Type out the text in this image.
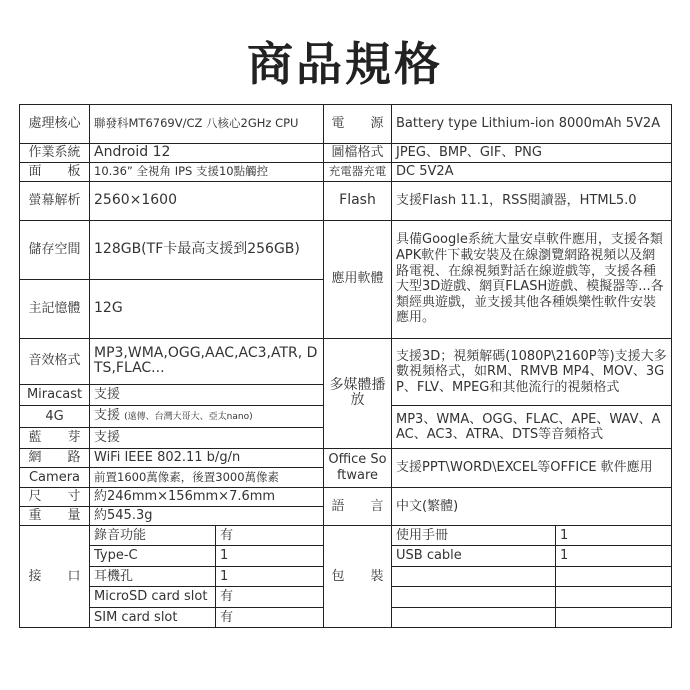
商品規格
處理核心	聯發科MT6769V/CZ 八核心2GHz CPU		電　　源	Battery type Lithium-ion 8000mAh 5V2A	
作業系統	Android 12		圖檔格式	JPEG、BMP、GIF、PNG	
面　　板	10.36” 全視角 IPS 支援10點觸控		充電器充電	DC 5V2A	
螢幕解析	2560×1600		Flash	支援Flash 11.1，RSS閱讀器，HTML5.0	
儲存空間	128GB(TF卡最高支援到256GB)		應用軟體	具備Google系統大量安卓軟件應用，支援各類APK軟件下載安裝及在線瀏覽網路視頻以及網路電視、在線視頻對話在線遊戲等，支援各種大型3D遊戲、網頁FLASH遊戲、模擬器等...各類經典遊戲，並支援其他各種娛樂性軟件安裝應用。	
主記憶體	12G				
音效格式	MP3,WMA,OGG,AAC,AC3,ATR, DTS,FLAC...		多媒體播放	支援3D；視頻解碼(1080P\2160P等)支援大多數視頻格式，如RM、RMVB MP4、MOV、3GP、FLV、MPEG和其他流行的視頻格式	
Miracast	支援				
4G	支援 (遠傳、台灣大哥大、亞太nano)			MP3、WMA、OGG、FLAC、APE、WAV、AAC、AC3、ATRA、DTS等音頻格式	
藍　　芽	支援				
網　　路	WiFi IEEE 802.11 b/g/n		Office Software	支援PPT\WORD\EXCEL等OFFICE 軟件應用	
Camera	前置1600萬像素，後置3000萬像素				
尺　　寸	約246mm×156mm×7.6mm		語　　言	中文(繁體)	
重　　量	約545.3g				
接　　口	錄音功能	有	包　　裝	使用手冊	1
	Type-C	1		USB cable	1
	耳機孔	1			
	MicroSD card slot	有			
	SIM card slot	有			
